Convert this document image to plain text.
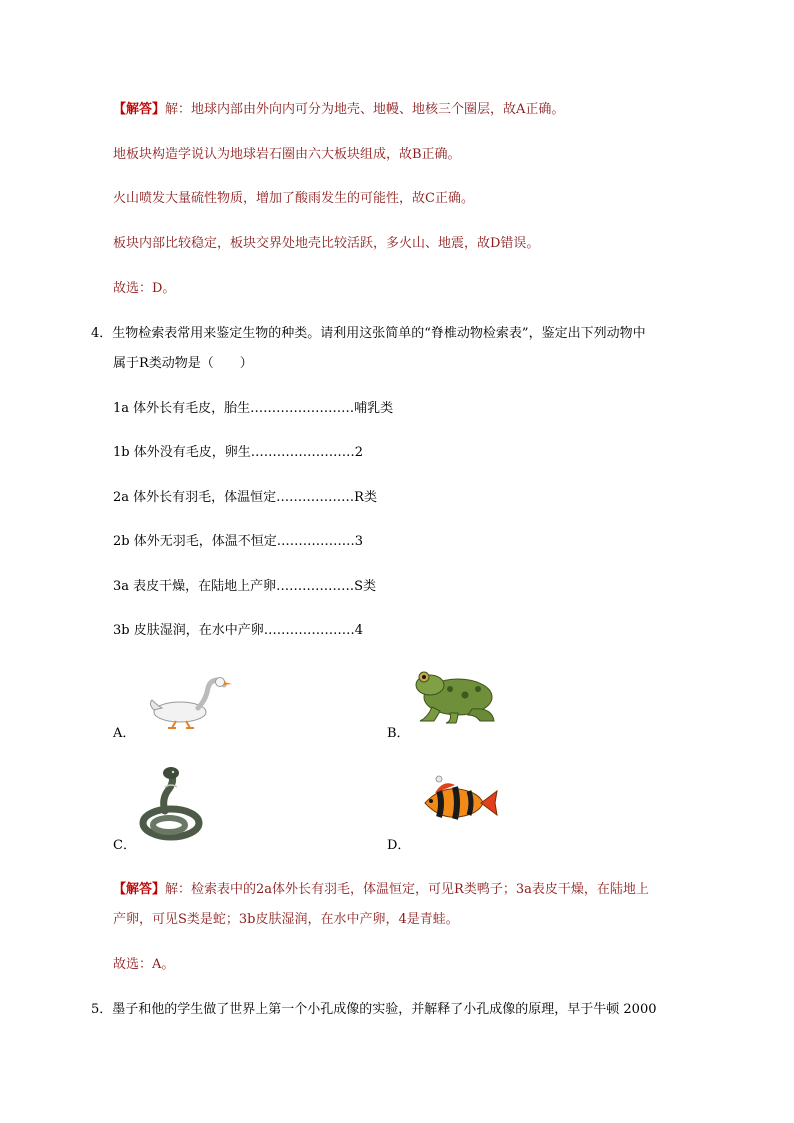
【解答】解：地球内部由外向内可分为地壳、地幔、地核三个圈层，故A正确。
地板块构造学说认为地球岩石圈由六大板块组成，故B正确。
火山喷发大量硫性物质，增加了酸雨发生的可能性，故C正确。
板块内部比较稳定，板块交界处地壳比较活跃，多火山、地震，故D错误。
故选：D。
4．生物检索表常用来鉴定生物的种类。请利用这张简单的“脊椎动物检索表”，鉴定出下列动物中
属于R类动物是（　　）
1a 体外长有毛皮，胎生……………………哺乳类
1b 体外没有毛皮，卵生……………………2
2a 体外长有羽毛，体温恒定………………R类
2b 体外无羽毛，体温不恒定………………3
3a 表皮干燥，在陆地上产卵………………S类
3b 皮肤湿润，在水中产卵…………………4
A．	B．
C．	D．
【解答】解：检索表中的2a体外长有羽毛，体温恒定，可见R类鸭子；3a表皮干燥，在陆地上
产卵，可见S类是蛇；3b皮肤湿润，在水中产卵，4是青蛙。
故选：A。
5．墨子和他的学生做了世界上第一个小孔成像的实验，并解释了小孔成像的原理，早于牛顿 2000
